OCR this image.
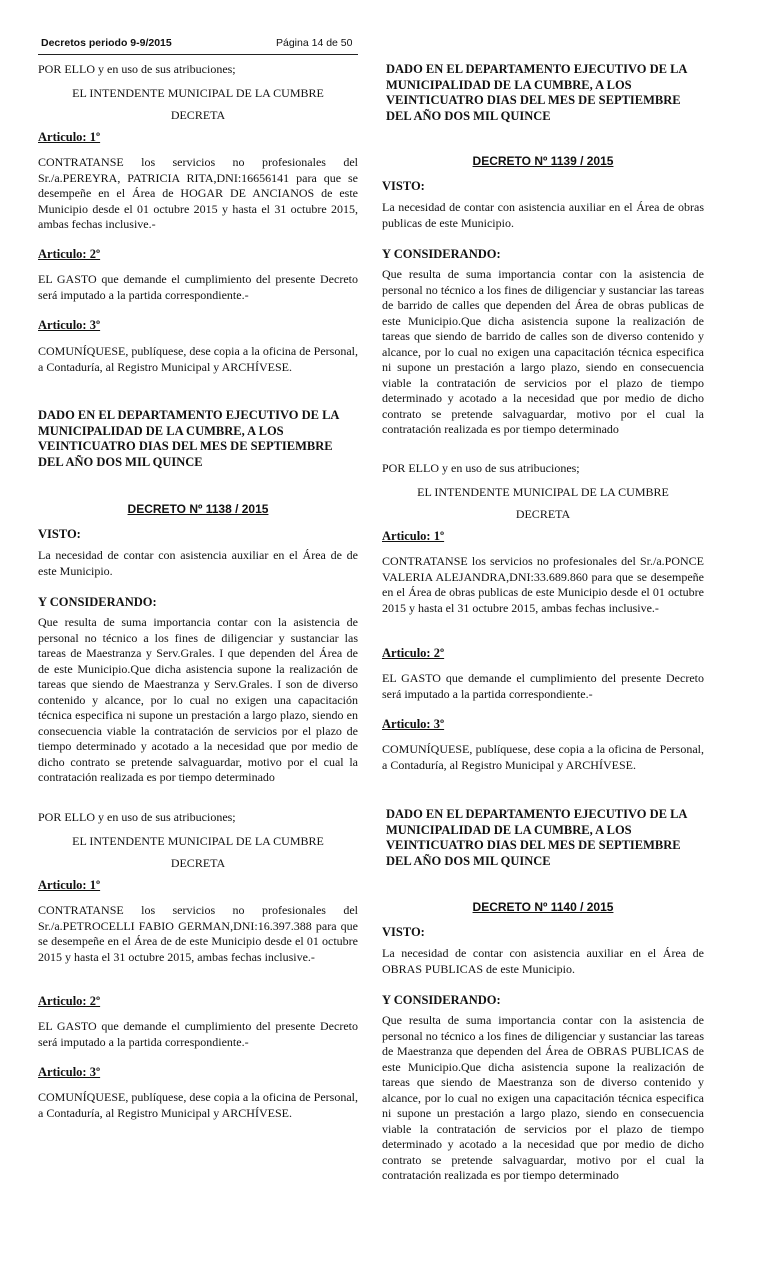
Decretos periodo 9-9/2015	Página 14 de 50
POR ELLO y en uso de sus atribuciones;
EL INTENDENTE MUNICIPAL DE LA CUMBRE
DECRETA
Articulo: 1º
CONTRATANSE los servicios no profesionales del Sr./a.PEREYRA, PATRICIA RITA,DNI:16656141 para que se desempeñe en el Área de HOGAR DE ANCIANOS de este Municipio desde el 01 octubre 2015 y hasta el 31 octubre 2015, ambas fechas inclusive.-
Articulo: 2º
EL GASTO que demande el cumplimiento del presente Decreto será imputado a la partida correspondiente.-
Articulo: 3º
COMUNÍQUESE, publíquese, dese copia a la oficina de Personal, a Contaduría, al Registro Municipal y ARCHÍVESE.
DADO EN EL DEPARTAMENTO EJECUTIVO DE LA MUNICIPALIDAD DE LA CUMBRE, A LOS VEINTICUATRO DIAS DEL MES DE SEPTIEMBRE DEL AÑO DOS MIL QUINCE
DECRETO Nº 1138 / 2015
VISTO:
La necesidad de contar con asistencia auxiliar en el Área de de este Municipio.
Y CONSIDERANDO:
Que resulta de suma importancia contar con la asistencia de personal no técnico a los fines de diligenciar y sustanciar las tareas de Maestranza y Serv.Grales. I que dependen del Área de de este Municipio.Que dicha asistencia supone la realización de tareas que siendo de Maestranza y Serv.Grales. I son de diverso contenido y alcance, por lo cual no exigen una capacitación técnica especifica ni supone un prestación a largo plazo, siendo en consecuencia viable la contratación de servicios por el plazo de tiempo determinado y acotado a la necesidad que por medio de dicho contrato se pretende salvaguardar, motivo por el cual la contratación realizada es por tiempo determinado
POR ELLO y en uso de sus atribuciones;
EL INTENDENTE MUNICIPAL DE LA CUMBRE
DECRETA
Articulo: 1º
CONTRATANSE los servicios no profesionales del Sr./a.PETROCELLI FABIO GERMAN,DNI:16.397.388 para que se desempeñe en el Área de de este Municipio desde el 01 octubre 2015 y hasta el 31 octubre 2015, ambas fechas inclusive.-
Articulo: 2º
EL GASTO que demande el cumplimiento del presente Decreto será imputado a la partida correspondiente.-
Articulo: 3º
COMUNÍQUESE, publíquese, dese copia a la oficina de Personal, a Contaduría, al Registro Municipal y ARCHÍVESE.
DADO EN EL DEPARTAMENTO EJECUTIVO DE LA MUNICIPALIDAD DE LA CUMBRE, A LOS VEINTICUATRO DIAS DEL MES DE SEPTIEMBRE DEL AÑO DOS MIL QUINCE
DECRETO Nº 1139 / 2015
VISTO:
La necesidad de contar con asistencia auxiliar en el Área de obras publicas de este Municipio.
Y CONSIDERANDO:
Que resulta de suma importancia contar con la asistencia de personal no técnico a los fines de diligenciar y sustanciar las tareas de barrido de calles que dependen del Área de obras publicas de este Municipio.Que dicha asistencia supone la realización de tareas que siendo de barrido de calles son de diverso contenido y alcance, por lo cual no exigen una capacitación técnica especifica ni supone un prestación a largo plazo, siendo en consecuencia viable la contratación de servicios por el plazo de tiempo determinado y acotado a la necesidad que por medio de dicho contrato se pretende salvaguardar, motivo por el cual la contratación realizada es por tiempo determinado
POR ELLO y en uso de sus atribuciones;
EL INTENDENTE MUNICIPAL DE LA CUMBRE
DECRETA
Articulo: 1º
CONTRATANSE los servicios no profesionales del Sr./a.PONCE VALERIA ALEJANDRA,DNI:33.689.860 para que se desempeñe en el Área de obras publicas de este Municipio desde el 01 octubre 2015 y hasta el 31 octubre 2015, ambas fechas inclusive.-
Articulo: 2º
EL GASTO que demande el cumplimiento del presente Decreto será imputado a la partida correspondiente.-
Articulo: 3º
COMUNÍQUESE, publíquese, dese copia a la oficina de Personal, a Contaduría, al Registro Municipal y ARCHÍVESE.
DADO EN EL DEPARTAMENTO EJECUTIVO DE LA MUNICIPALIDAD DE LA CUMBRE, A LOS VEINTICUATRO DIAS DEL MES DE SEPTIEMBRE DEL AÑO DOS MIL QUINCE
DECRETO Nº 1140 / 2015
VISTO:
La necesidad de contar con asistencia auxiliar en el Área de OBRAS PUBLICAS de este Municipio.
Y CONSIDERANDO:
Que resulta de suma importancia contar con la asistencia de personal no técnico a los fines de diligenciar y sustanciar las tareas de Maestranza que dependen del Área de OBRAS PUBLICAS de este Municipio.Que dicha asistencia supone la realización de tareas que siendo de Maestranza son de diverso contenido y alcance, por lo cual no exigen una capacitación técnica especifica ni supone un prestación a largo plazo, siendo en consecuencia viable la contratación de servicios por el plazo de tiempo determinado y acotado a la necesidad que por medio de dicho contrato se pretende salvaguardar, motivo por el cual la contratación realizada es por tiempo determinado
